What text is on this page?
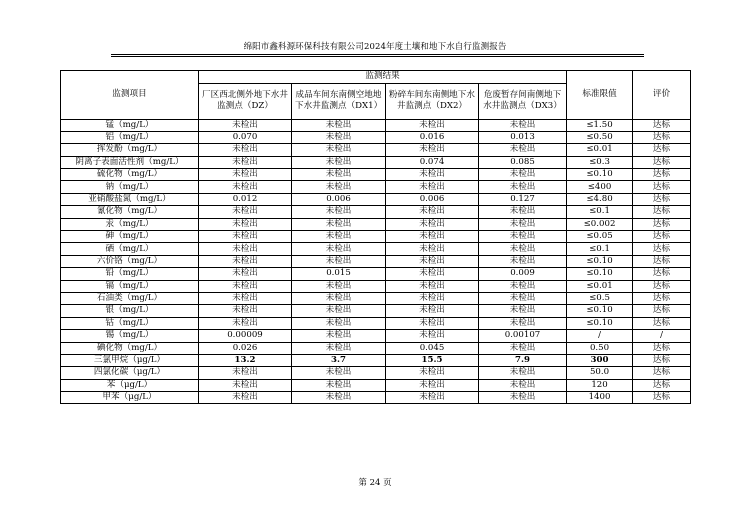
绵阳市鑫科源环保科技有限公司2024年度土壤和地下水自行监测报告
监测项目	监测结果				标准限值	评价
	厂区西北侧外地下水井监测点（DZ）	成品车间东南侧空地地下水井监测点（DX1）	粉碎车间东南侧地下水井监测点（DX2）	危废暂存间南侧地下水井监测点（DX3）		
锰（mg/L）	未检出	未检出	未检出	未检出	≤1.50	达标
铝（mg/L）	0.070	未检出	0.016	0.013	≤0.50	达标
挥发酚（mg/L）	未检出	未检出	未检出	未检出	≤0.01	达标
阴离子表面活性剂（mg/L）	未检出	未检出	0.074	0.085	≤0.3	达标
硫化物（mg/L）	未检出	未检出	未检出	未检出	≤0.10	达标
钠（mg/L）	未检出	未检出	未检出	未检出	≤400	达标
亚硝酸盐氮（mg/L）	0.012	0.006	0.006	0.127	≤4.80	达标
氰化物（mg/L）	未检出	未检出	未检出	未检出	≤0.1	达标
汞（mg/L）	未检出	未检出	未检出	未检出	≤0.002	达标
砷（mg/L）	未检出	未检出	未检出	未检出	≤0.05	达标
硒（mg/L）	未检出	未检出	未检出	未检出	≤0.1	达标
六价铬（mg/L）	未检出	未检出	未检出	未检出	≤0.10	达标
铅（mg/L）	未检出	0.015	未检出	0.009	≤0.10	达标
镉（mg/L）	未检出	未检出	未检出	未检出	≤0.01	达标
石油类（mg/L）	未检出	未检出	未检出	未检出	≤0.5	达标
银（mg/L）	未检出	未检出	未检出	未检出	≤0.10	达标
钴（mg/L）	未检出	未检出	未检出	未检出	≤0.10	达标
锡（mg/L）	0.00009	未检出	未检出	0.00107	/	/
碘化物（mg/L）	0.026	未检出	0.045	未检出	0.50	达标
三氯甲烷（μg/L）	13.2	3.7	15.5	7.9	300	达标
四氯化碳（μg/L）	未检出	未检出	未检出	未检出	50.0	达标
苯（μg/L）	未检出	未检出	未检出	未检出	120	达标
甲苯（μg/L）	未检出	未检出	未检出	未检出	1400	达标
第 24 页
